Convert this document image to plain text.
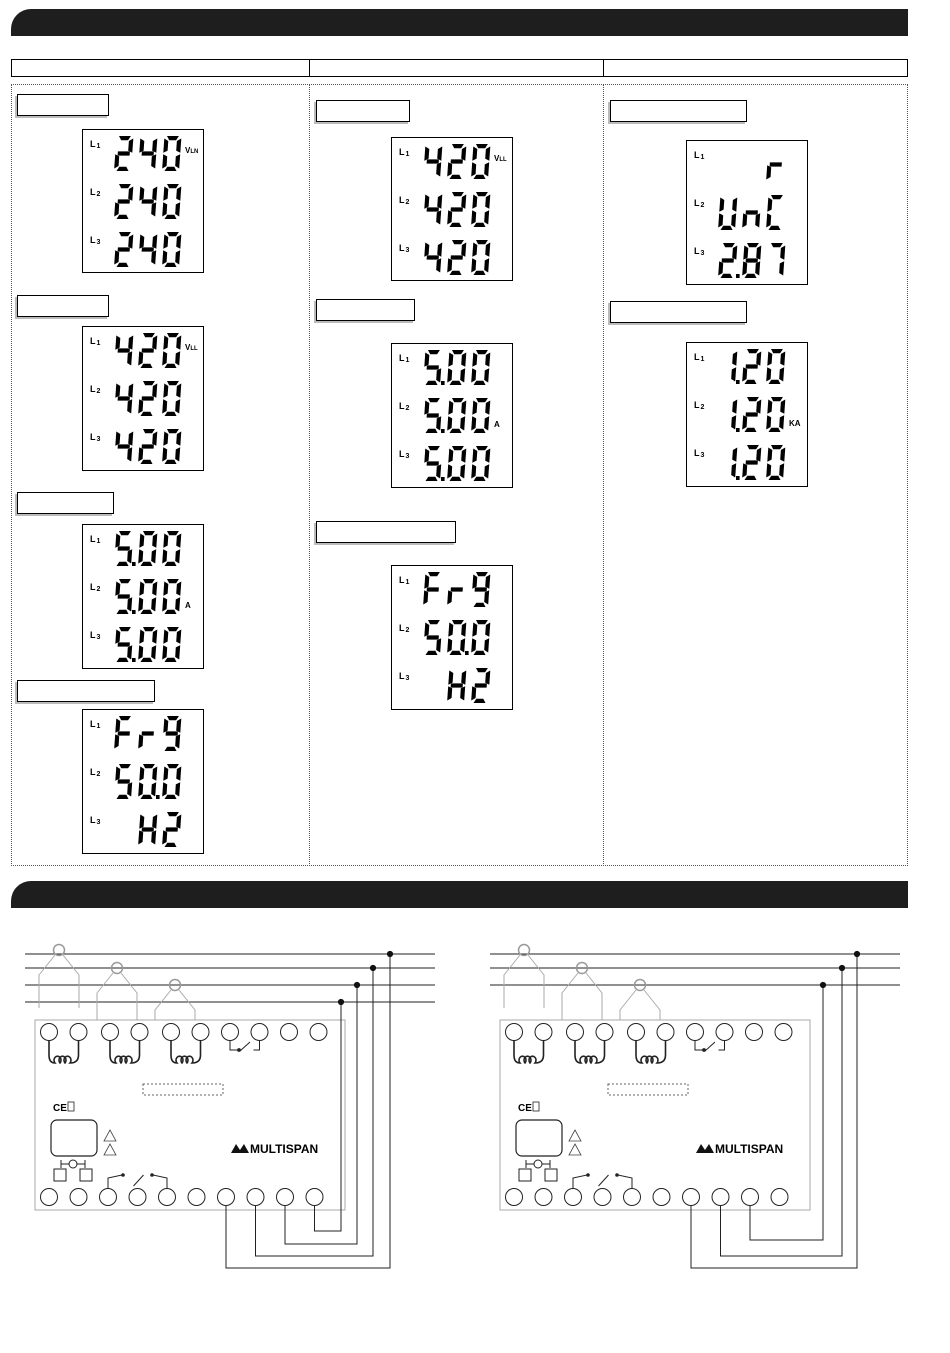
L1	VLN
L2
L3
L1	VLL
L2
L3
L1
L2
A
L3
L1
L2
L3
L1	VLL
L2
L3
L1
L2
A
L3
L1
L2
L3
L1
L2
L3
L1
L2
KA
L3
CE
MULTISPAN
CE
MULTISPAN
